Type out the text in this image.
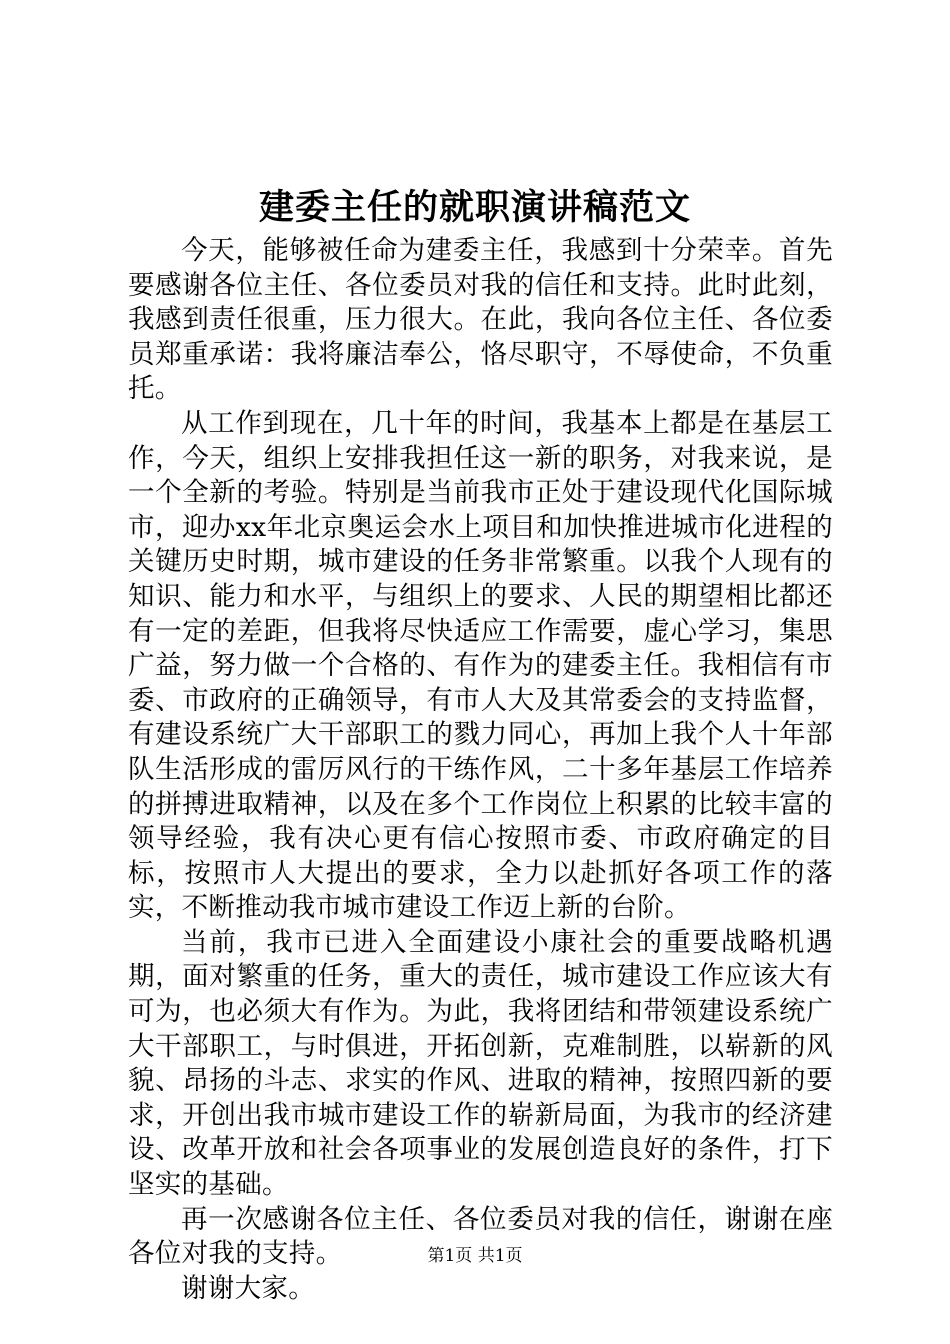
建委主任的就职演讲稿范文

今天，能够被任命为建委主任，我感到十分荣幸。首先要感谢各位主任、各位委员对我的信任和支持。此时此刻，我感到责任很重，压力很大。在此，我向各位主任、各位委员郑重承诺：我将廉洁奉公，恪尽职守，不辱使命，不负重托。

从工作到现在，几十年的时间，我基本上都是在基层工作，今天，组织上安排我担任这一新的职务，对我来说，是一个全新的考验。特别是当前我市正处于建设现代化国际城市，迎办xx年北京奥运会水上项目和加快推进城市化进程的关键历史时期，城市建设的任务非常繁重。以我个人现有的知识、能力和水平，与组织上的要求、人民的期望相比都还有一定的差距，但我将尽快适应工作需要，虚心学习，集思广益，努力做一个合格的、有作为的建委主任。我相信有市委、市政府的正确领导，有市人大及其常委会的支持监督，有建设系统广大干部职工的戮力同心，再加上我个人十年部队生活形成的雷厉风行的干练作风，二十多年基层工作培养的拼搏进取精神，以及在多个工作岗位上积累的比较丰富的领导经验，我有决心更有信心按照市委、市政府确定的目标，按照市人大提出的要求，全力以赴抓好各项工作的落实，不断推动我市城市建设工作迈上新的台阶。

当前，我市已进入全面建设小康社会的重要战略机遇期，面对繁重的任务，重大的责任，城市建设工作应该大有可为，也必须大有作为。为此，我将团结和带领建设系统广大干部职工，与时俱进，开拓创新，克难制胜，以崭新的风貌、昂扬的斗志、求实的作风、进取的精神，按照四新的要求，开创出我市城市建设工作的崭新局面，为我市的经济建设、改革开放和社会各项事业的发展创造良好的条件，打下坚实的基础。

再一次感谢各位主任、各位委员对我的信任，谢谢在座各位对我的支持。

谢谢大家。

第1页 共1页
